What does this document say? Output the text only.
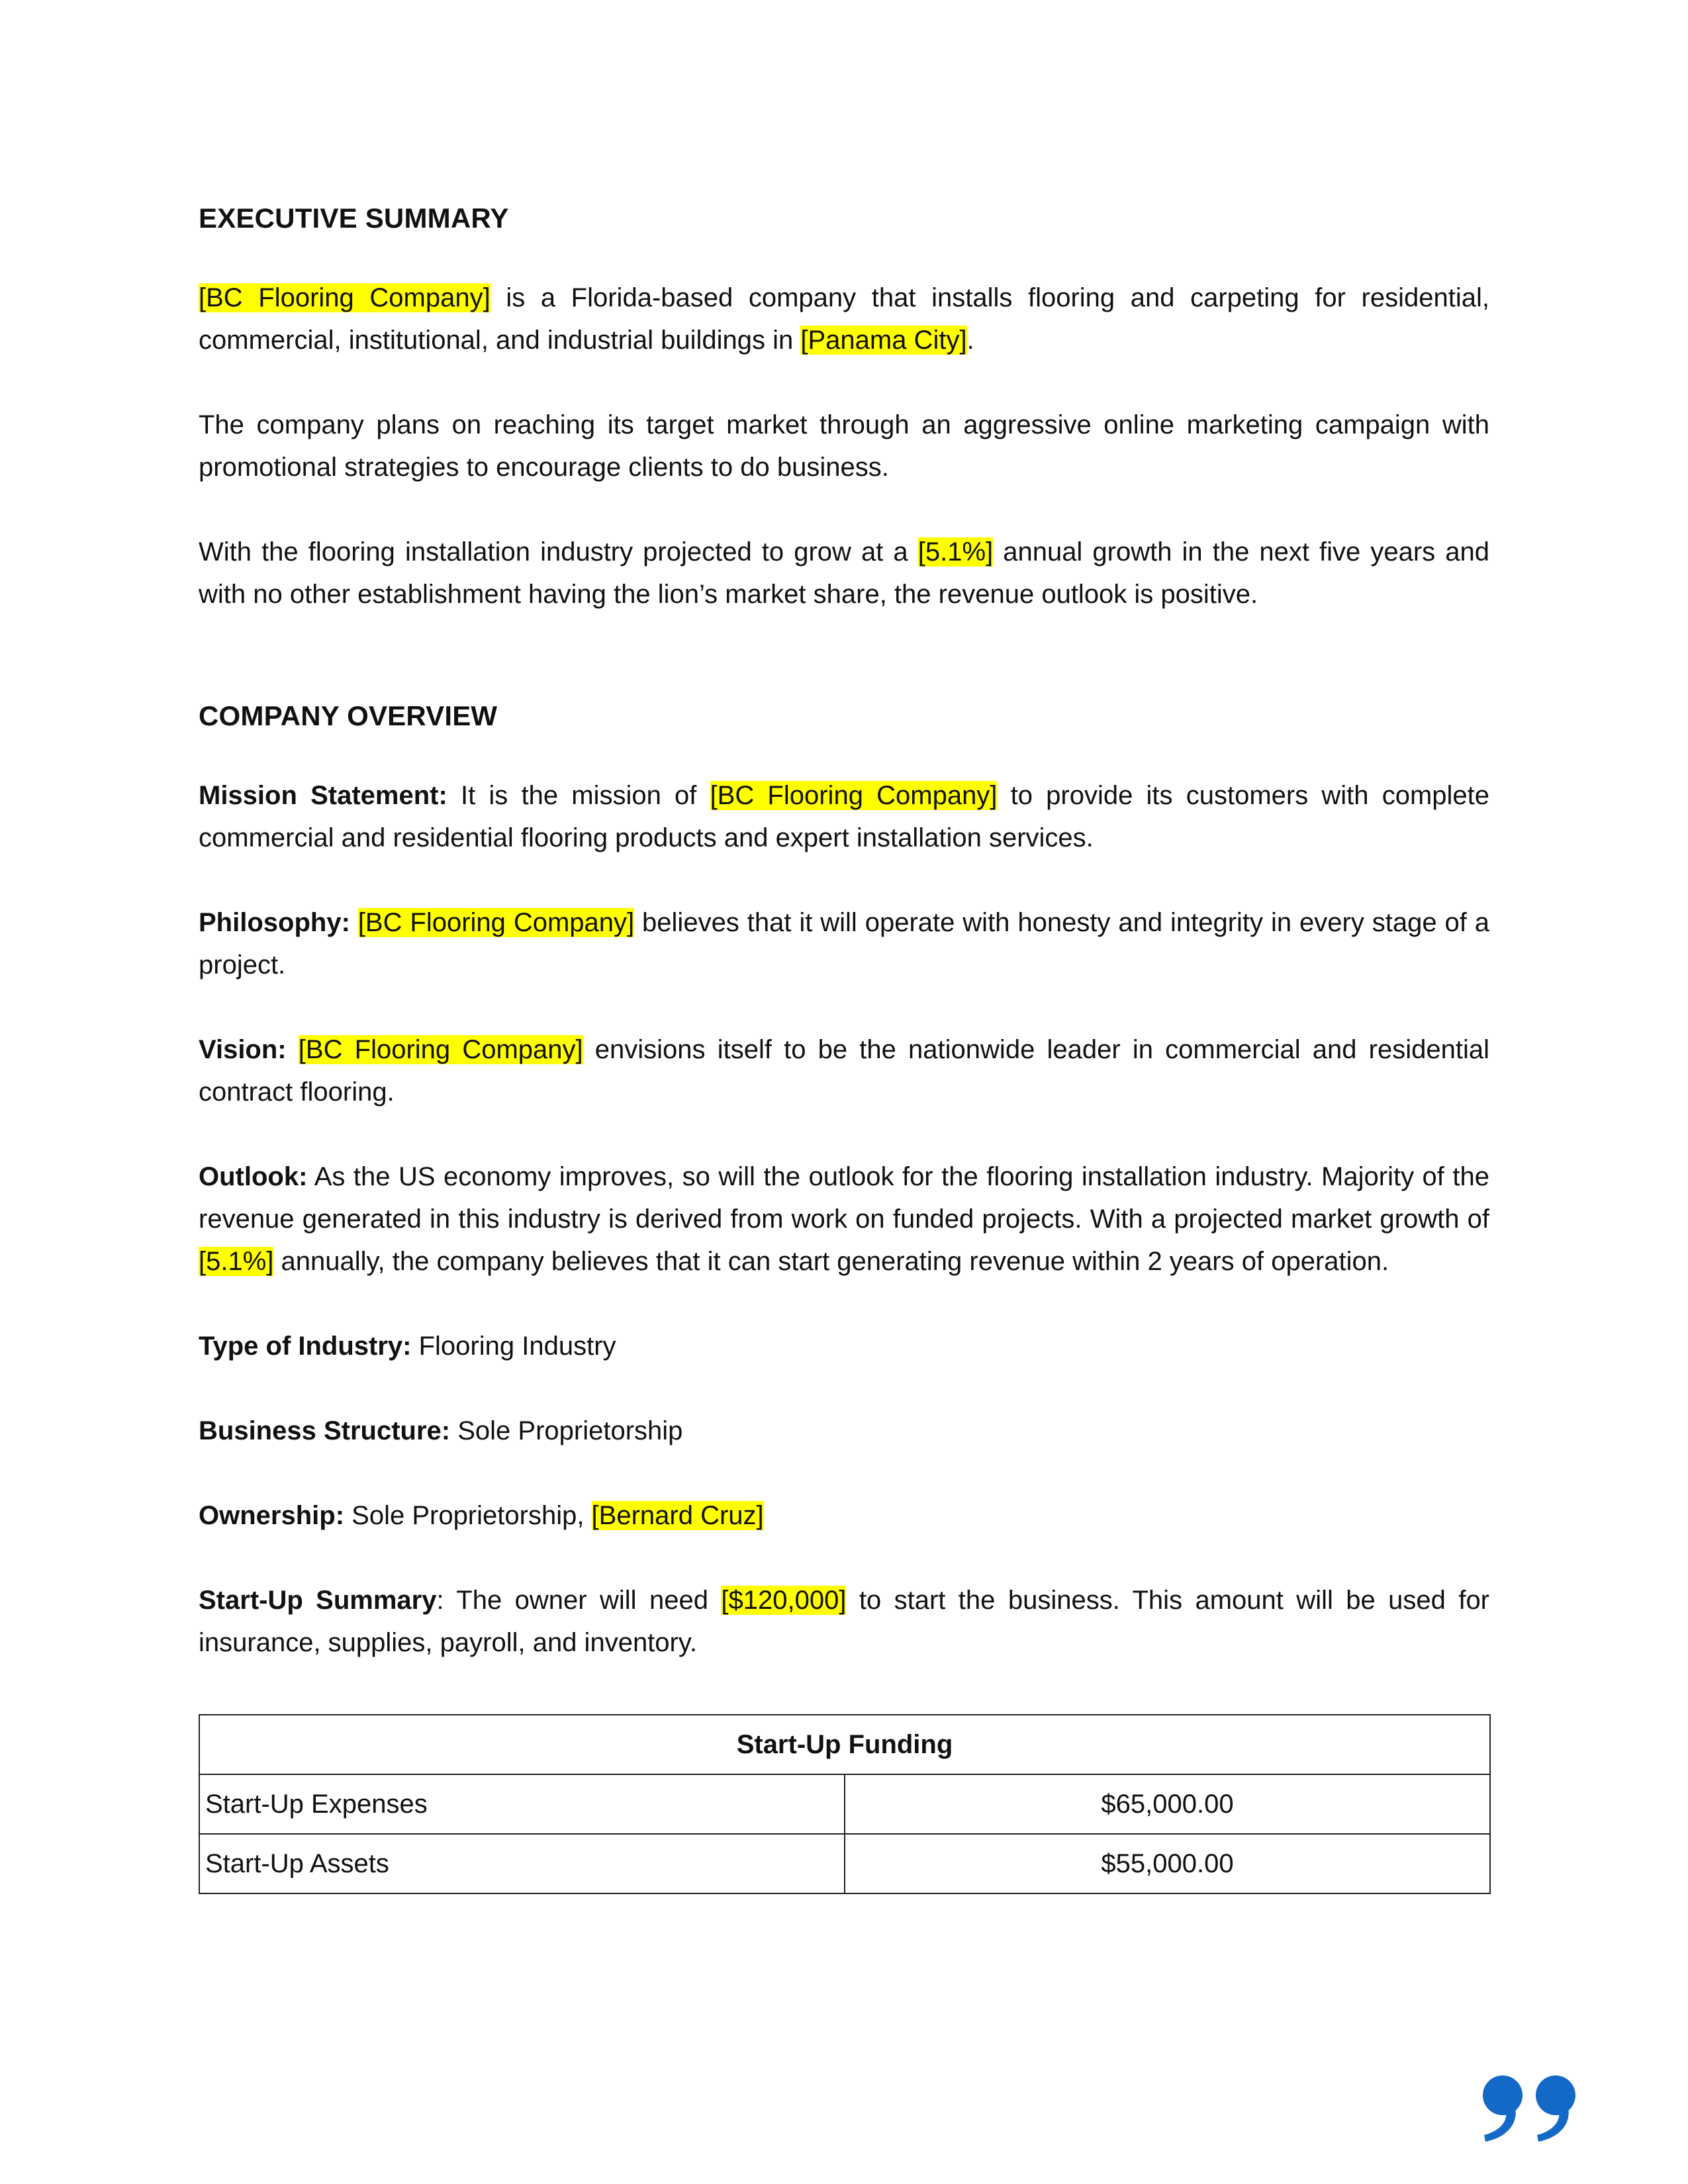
EXECUTIVE SUMMARY

[BC Flooring Company] is a Florida-based company that installs flooring and carpeting for residential, commercial, institutional, and industrial buildings in [Panama City].

The company plans on reaching its target market through an aggressive online marketing campaign with promotional strategies to encourage clients to do business.

With the flooring installation industry projected to grow at a [5.1%] annual growth in the next five years and with no other establishment having the lion’s market share, the revenue outlook is positive.

COMPANY OVERVIEW

Mission Statement: It is the mission of [BC Flooring Company] to provide its customers with complete commercial and residential flooring products and expert installation services.

Philosophy: [BC Flooring Company] believes that it will operate with honesty and integrity in every stage of a project.

Vision: [BC Flooring Company] envisions itself to be the nationwide leader in commercial and residential contract flooring.

Outlook: As the US economy improves, so will the outlook for the flooring installation industry. Majority of the revenue generated in this industry is derived from work on funded projects. With a projected market growth of [5.1%] annually, the company believes that it can start generating revenue within 2 years of operation.

Type of Industry: Flooring Industry

Business Structure: Sole Proprietorship

Ownership: Sole Proprietorship, [Bernard Cruz]

Start-Up Summary: The owner will need [$120,000] to start the business. This amount will be used for insurance, supplies, payroll, and inventory.

Start-Up Funding	
Start-Up Expenses	$65,000.00
Start-Up Assets	$55,000.00
